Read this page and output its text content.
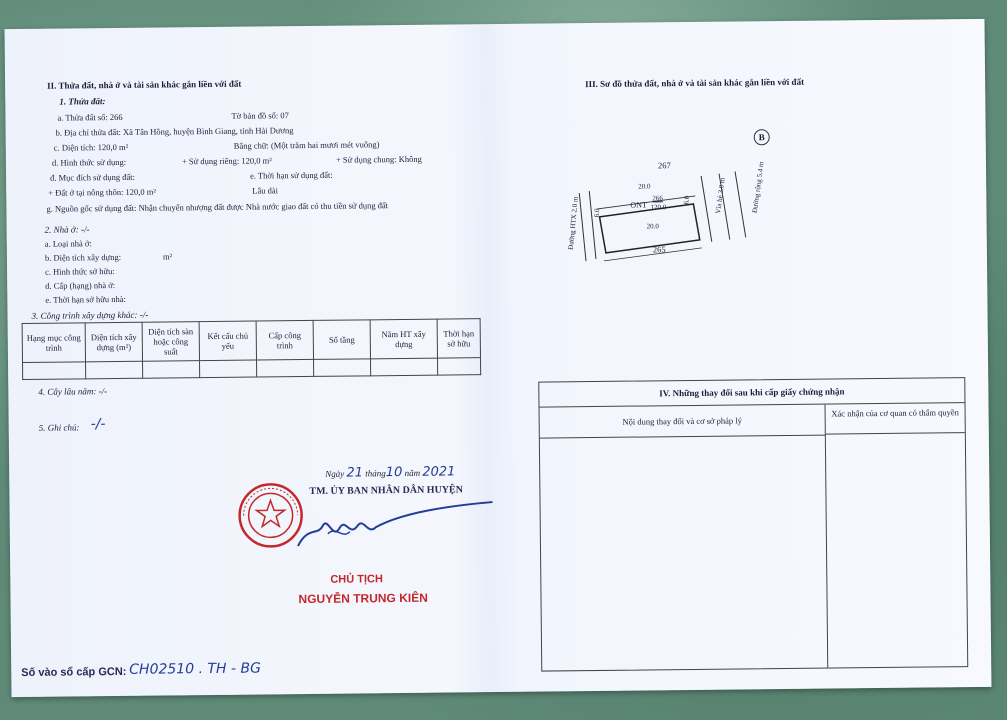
II. Thửa đất, nhà ở và tài sản khác gắn liền với đất
1. Thửa đất:
a. Thửa đất số: 266	Tờ bản đồ số: 07
b. Địa chỉ thửa đất: Xã Tân Hồng, huyện Bình Giang, tỉnh Hải Dương
c. Diện tích: 120,0 m²	Bằng chữ: (Một trăm hai mươi mét vuông)
d. Hình thức sử dụng:	+ Sử dụng riêng: 120,0 m²	+ Sử dụng chung: Không
đ. Mục đích sử dụng đất:	e. Thời hạn sử dụng đất:
+ Đất ở tại nông thôn: 120,0 m²	Lâu dài
g. Nguồn gốc sử dụng đất: Nhận chuyển nhượng đất được Nhà nước giao đất có thu tiền sử dụng đất
2. Nhà ở: -/-
a. Loại nhà ở:
b. Diện tích xây dựng:	m²
c. Hình thức sở hữu:
d. Cấp (hạng) nhà ở:
e. Thời hạn sở hữu nhà:
3. Công trình xây dựng khác: -/-
Hạng mục công trình	Diện tích xây dựng (m²)	Diện tích sàn hoặc công suất	Kết cấu chủ yếu	Cấp công trình	Số tầng	Năm HT xây dựng	Thời hạn sở hữu

4. Cây lâu năm: -/-
5. Ghi chú: -/-
Ngày 21 tháng10 năm 2021
TM. ỦY BAN NHÂN DÂN HUYỆN
CHỦ TỊCH
NGUYỄN TRUNG KIÊN
Số vào sổ cấp GCN: CH02510 . TH - BG
III. Sơ đồ thửa đất, nhà ở và tài sản khác gắn liền với đất
B
267
265
20.0
20.0
6.0
6.0
ONT
266
120.0
Đường HTX 2.0 m
Vỉa hè 3.0 m	Đường rộng 5.4 m
IV. Những thay đổi sau khi cấp giấy chứng nhận
Nội dung thay đổi và cơ sở pháp lý
Xác nhận của cơ quan có thẩm quyền
